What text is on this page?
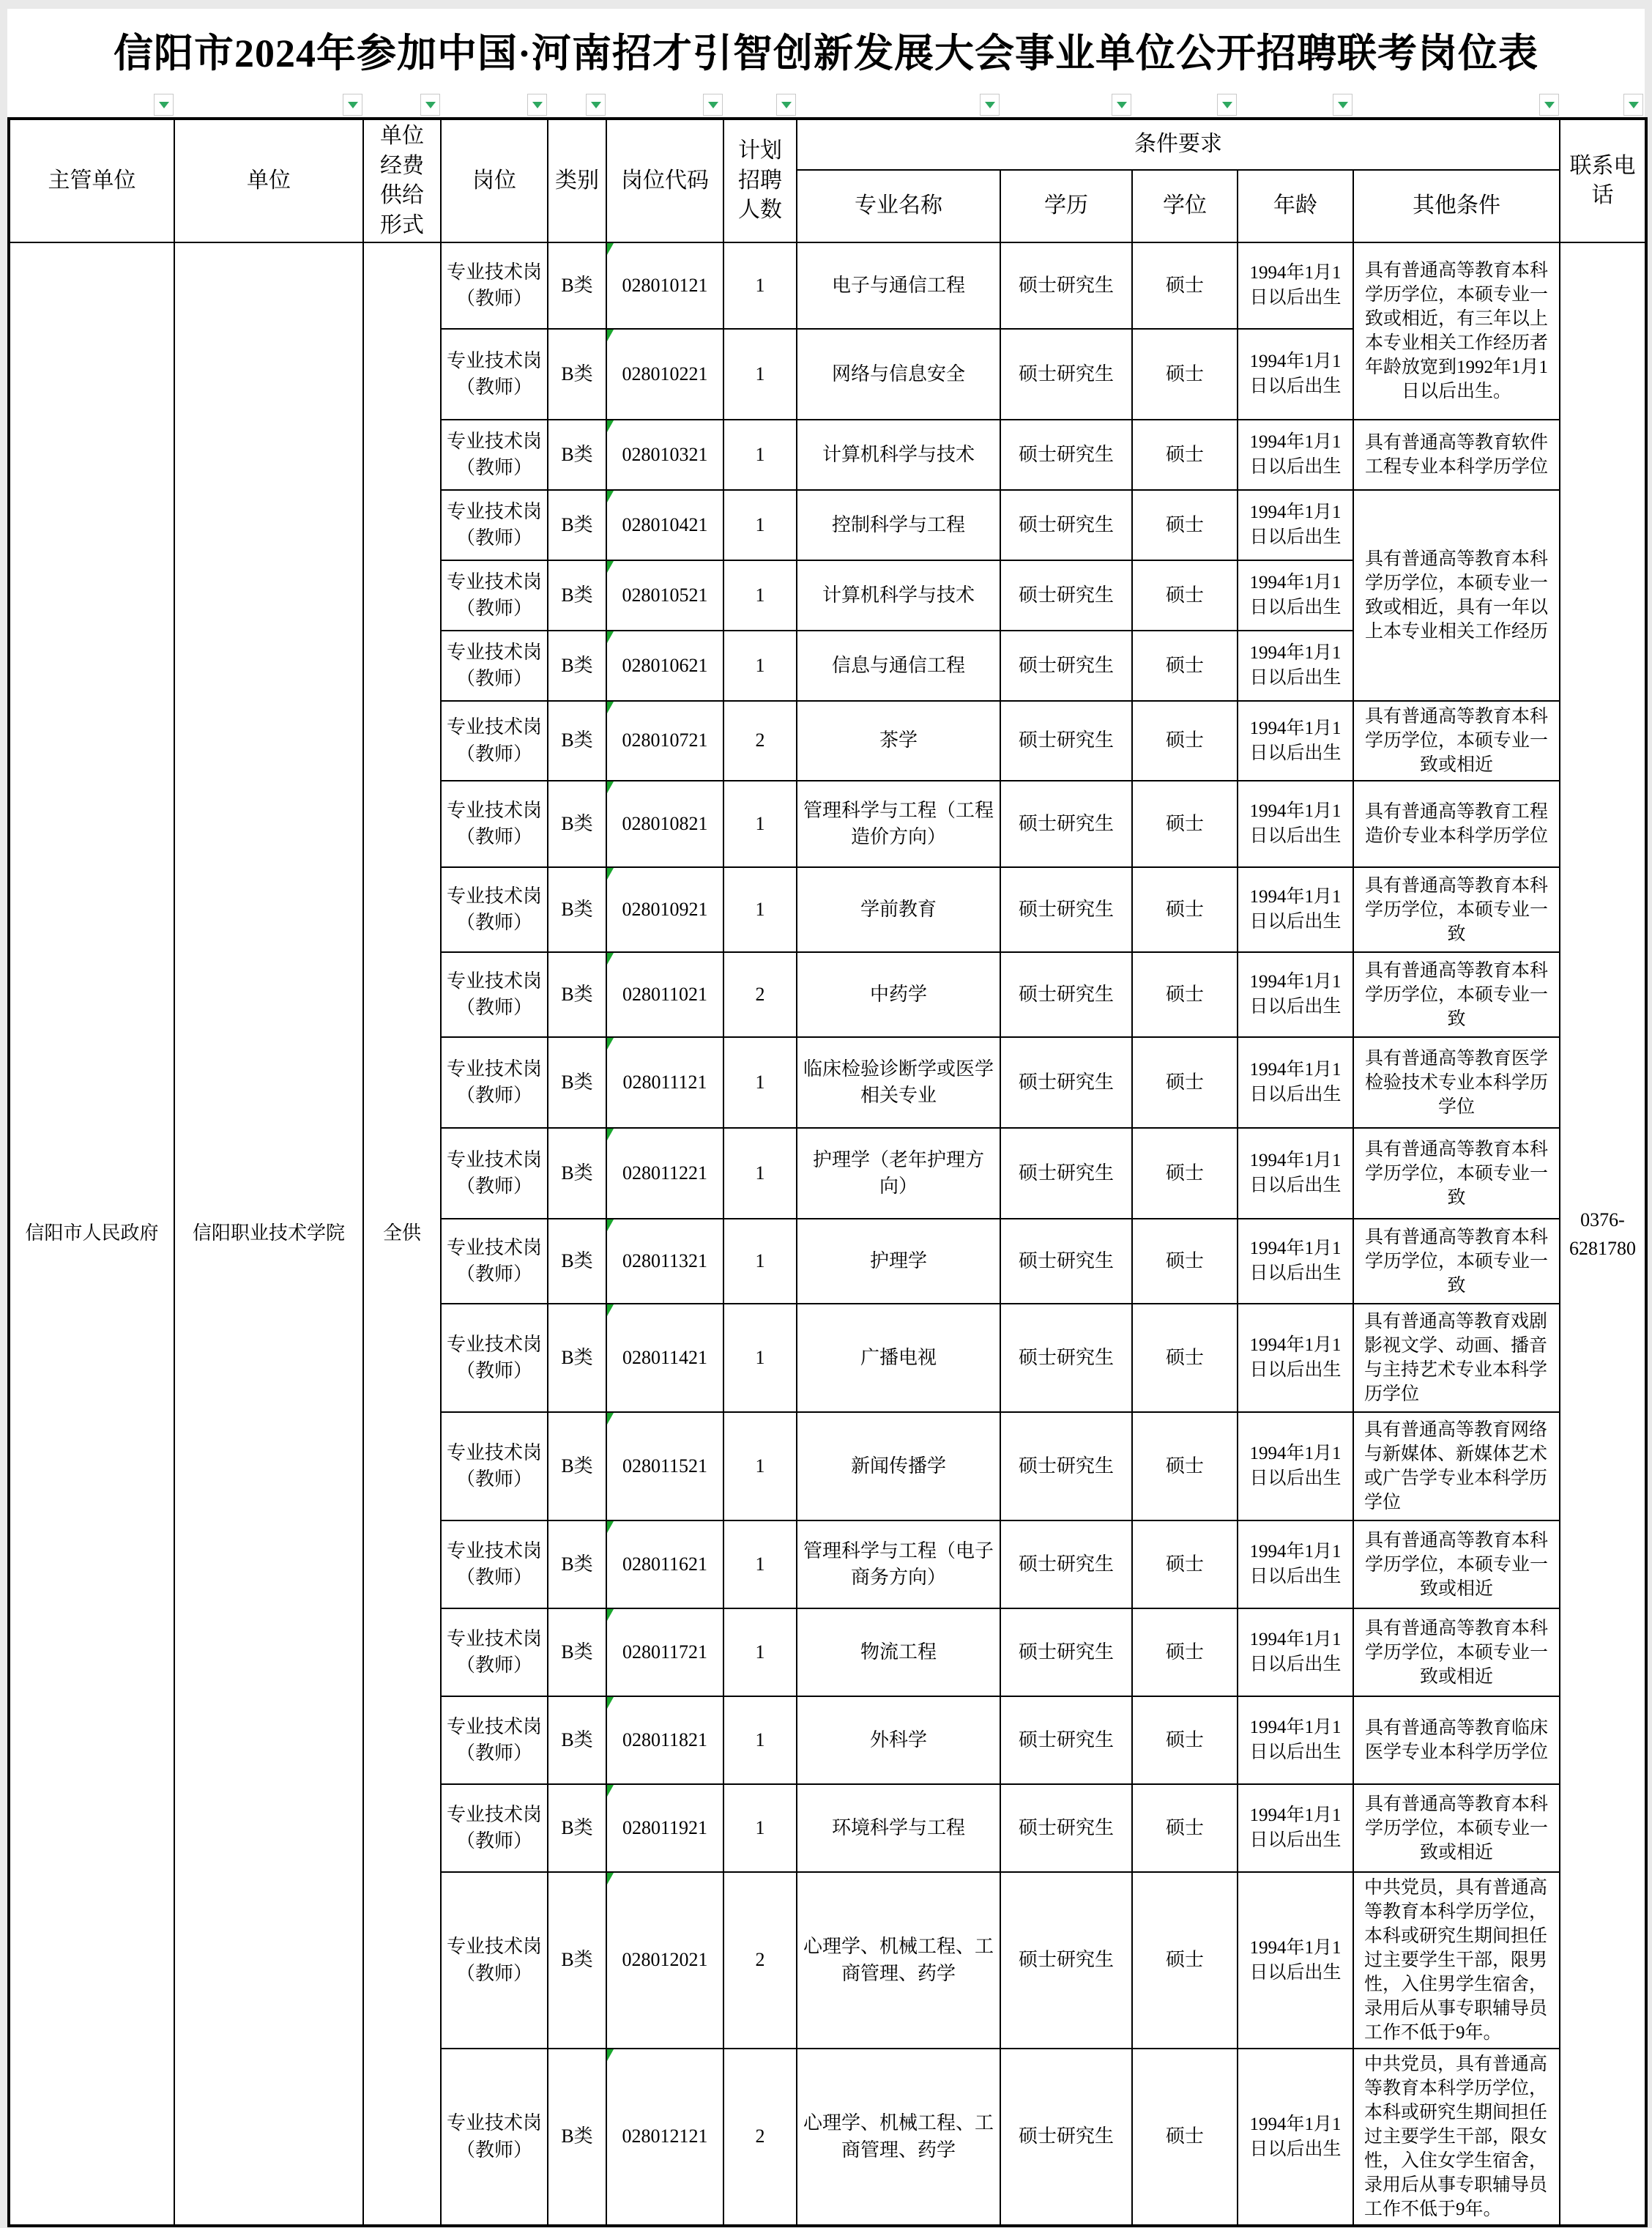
信阳市2024年参加中国·河南招才引智创新发展大会事业单位公开招聘联考岗位表
主管单位	单位	单位经费供给形式	岗位	类别	岗位代码	计划招聘人数	条件要求					联系电话
							专业名称	学历	学位	年龄	其他条件	
信阳市人民政府	信阳职业技术学院	全供	专业技术岗（教师）	B类	028010121	1	电子与通信工程	硕士研究生	硕士	1994年1月1日以后出生	具有普通高等教育本科学历学位，本硕专业一致或相近，有三年以上本专业相关工作经历者年龄放宽到1992年1月1日以后出生。	0376-6281780
			专业技术岗（教师）	B类	028010221	1	网络与信息安全	硕士研究生	硕士	1994年1月1日以后出生		
			专业技术岗（教师）	B类	028010321	1	计算机科学与技术	硕士研究生	硕士	1994年1月1日以后出生	具有普通高等教育软件工程专业本科学历学位	
			专业技术岗（教师）	B类	028010421	1	控制科学与工程	硕士研究生	硕士	1994年1月1日以后出生	具有普通高等教育本科学历学位，本硕专业一致或相近，具有一年以上本专业相关工作经历	
			专业技术岗（教师）	B类	028010521	1	计算机科学与技术	硕士研究生	硕士	1994年1月1日以后出生		
			专业技术岗（教师）	B类	028010621	1	信息与通信工程	硕士研究生	硕士	1994年1月1日以后出生		
			专业技术岗（教师）	B类	028010721	2	茶学	硕士研究生	硕士	1994年1月1日以后出生	具有普通高等教育本科学历学位，本硕专业一致或相近	
			专业技术岗（教师）	B类	028010821	1	管理科学与工程（工程造价方向）	硕士研究生	硕士	1994年1月1日以后出生	具有普通高等教育工程造价专业本科学历学位	
			专业技术岗（教师）	B类	028010921	1	学前教育	硕士研究生	硕士	1994年1月1日以后出生	具有普通高等教育本科学历学位，本硕专业一致	
			专业技术岗（教师）	B类	028011021	2	中药学	硕士研究生	硕士	1994年1月1日以后出生	具有普通高等教育本科学历学位，本硕专业一致	
			专业技术岗（教师）	B类	028011121	1	临床检验诊断学或医学相关专业	硕士研究生	硕士	1994年1月1日以后出生	具有普通高等教育医学检验技术专业本科学历学位	
			专业技术岗（教师）	B类	028011221	1	护理学（老年护理方向）	硕士研究生	硕士	1994年1月1日以后出生	具有普通高等教育本科学历学位，本硕专业一致	
			专业技术岗（教师）	B类	028011321	1	护理学	硕士研究生	硕士	1994年1月1日以后出生	具有普通高等教育本科学历学位，本硕专业一致	
			专业技术岗（教师）	B类	028011421	1	广播电视	硕士研究生	硕士	1994年1月1日以后出生	具有普通高等教育戏剧影视文学、动画、播音与主持艺术专业本科学历学位	
			专业技术岗（教师）	B类	028011521	1	新闻传播学	硕士研究生	硕士	1994年1月1日以后出生	具有普通高等教育网络与新媒体、新媒体艺术或广告学专业本科学历学位	
			专业技术岗（教师）	B类	028011621	1	管理科学与工程（电子商务方向）	硕士研究生	硕士	1994年1月1日以后出生	具有普通高等教育本科学历学位，本硕专业一致或相近	
			专业技术岗（教师）	B类	028011721	1	物流工程	硕士研究生	硕士	1994年1月1日以后出生	具有普通高等教育本科学历学位，本硕专业一致或相近	
			专业技术岗（教师）	B类	028011821	1	外科学	硕士研究生	硕士	1994年1月1日以后出生	具有普通高等教育临床医学专业本科学历学位	
			专业技术岗（教师）	B类	028011921	1	环境科学与工程	硕士研究生	硕士	1994年1月1日以后出生	具有普通高等教育本科学历学位，本硕专业一致或相近	
			专业技术岗（教师）	B类	028012021	2	心理学、机械工程、工商管理、药学	硕士研究生	硕士	1994年1月1日以后出生	中共党员，具有普通高等教育本科学历学位，本科或研究生期间担任过主要学生干部，限男性，入住男学生宿舍，录用后从事专职辅导员工作不低于9年。	
			专业技术岗（教师）	B类	028012121	2	心理学、机械工程、工商管理、药学	硕士研究生	硕士	1994年1月1日以后出生	中共党员，具有普通高等教育本科学历学位，本科或研究生期间担任过主要学生干部，限女性，入住女学生宿舍，录用后从事专职辅导员工作不低于9年。	
